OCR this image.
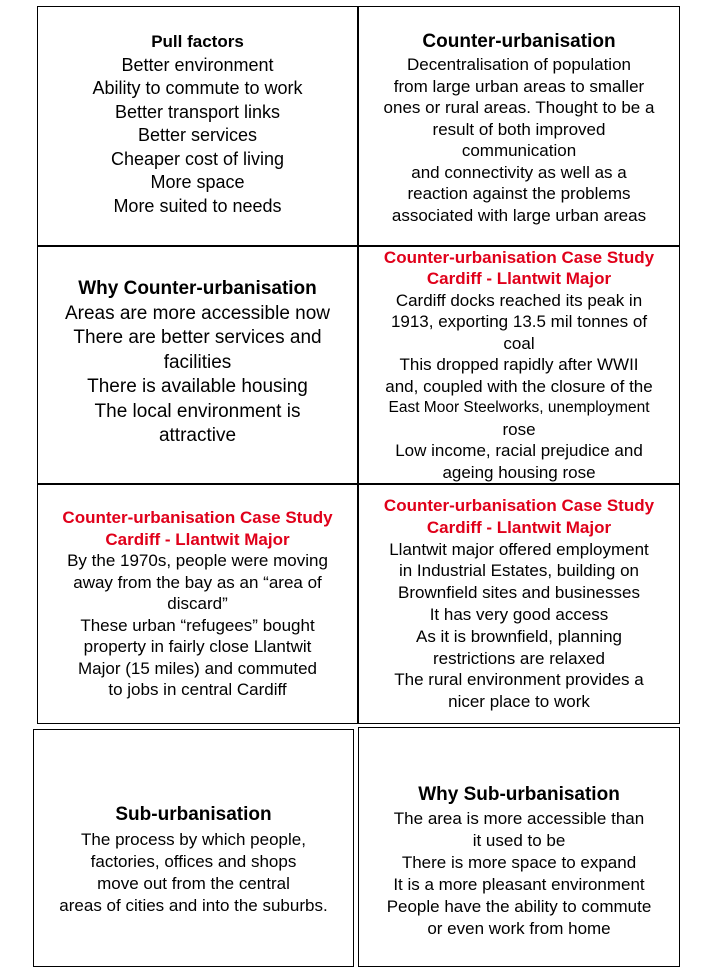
Pull factors
Better environment
Ability to commute to work
Better transport links
Better services
Cheaper cost of living
More space
More suited to needs
Counter-urbanisation
Decentralisation of population
from large urban areas to smaller
ones or rural areas. Thought to be a
result of both improved
communication
and connectivity as well as a
reaction against the problems
associated with large urban areas
Why Counter-urbanisation
Areas are more accessible now
There are better services and
facilities
There is available housing
The local environment is
attractive
Counter-urbanisation Case Study
Cardiff - Llantwit Major
Cardiff docks reached its peak in
1913, exporting 13.5 mil tonnes of
coal
This dropped rapidly after WWII
and, coupled with the closure of the
East Moor Steelworks, unemployment
rose
Low income, racial prejudice and
ageing housing rose
Counter-urbanisation Case Study
Cardiff - Llantwit Major
By the 1970s, people were moving
away from the bay as an “area of
discard”
These urban “refugees” bought
property in fairly close Llantwit
Major (15 miles) and commuted
to jobs in central Cardiff
Counter-urbanisation Case Study
Cardiff - Llantwit Major
Llantwit major offered employment
in Industrial Estates, building on
Brownfield sites and businesses
It has very good access
As it is brownfield, planning
restrictions are relaxed
The rural environment provides a
nicer place to work
Sub-urbanisation
The process by which people,
factories, offices and shops
move out from the central
areas of cities and into the suburbs.
Why Sub-urbanisation
The area is more accessible than
it used to be
There is more space to expand
It is a more pleasant environment
People have the ability to commute
or even work from home
